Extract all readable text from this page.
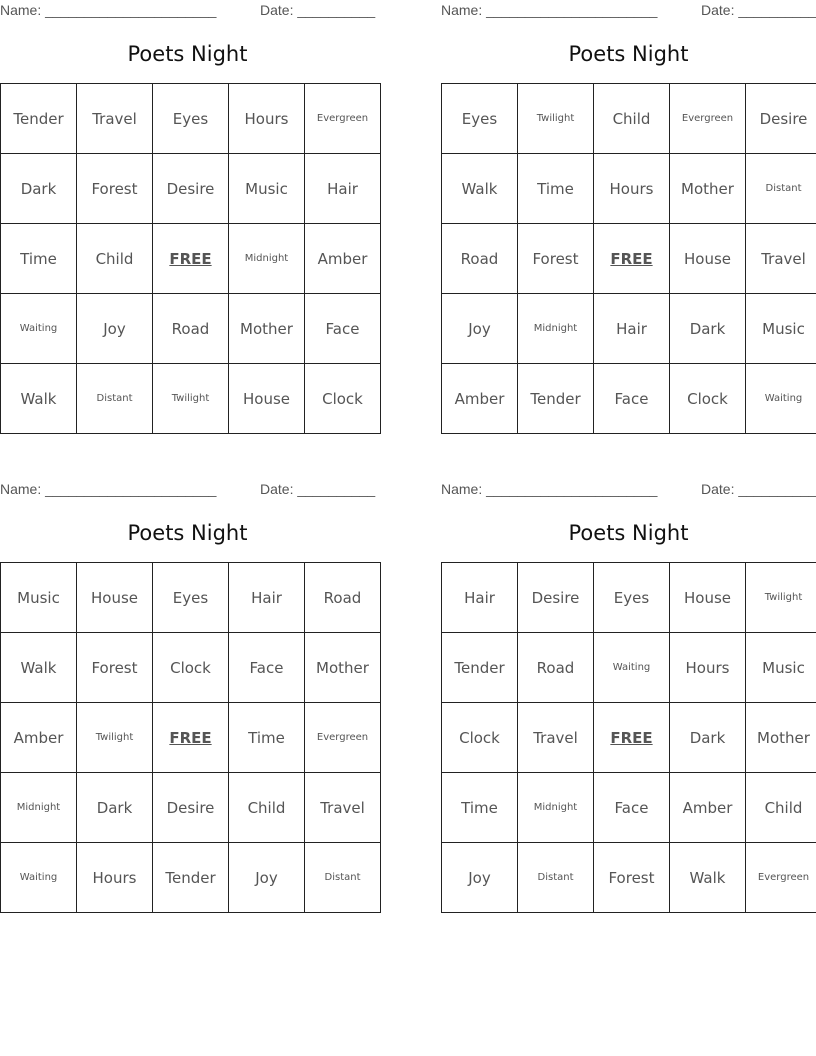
Name: ______________________	Date: __________
Poets Night
Tender	Travel	Eyes	Hours	Evergreen
Dark	Forest	Desire	Music	Hair
Time	Child	FREE	Midnight	Amber
Waiting	Joy	Road	Mother	Face
Walk	Distant	Twilight	House	Clock
Name: ______________________	Date: __________
Poets Night
Eyes	Twilight	Child	Evergreen	Desire
Walk	Time	Hours	Mother	Distant
Road	Forest	FREE	House	Travel
Joy	Midnight	Hair	Dark	Music
Amber	Tender	Face	Clock	Waiting
Name: ______________________	Date: __________
Poets Night
Music	House	Eyes	Hair	Road
Walk	Forest	Clock	Face	Mother
Amber	Twilight	FREE	Time	Evergreen
Midnight	Dark	Desire	Child	Travel
Waiting	Hours	Tender	Joy	Distant
Name: ______________________	Date: __________
Poets Night
Hair	Desire	Eyes	House	Twilight
Tender	Road	Waiting	Hours	Music
Clock	Travel	FREE	Dark	Mother
Time	Midnight	Face	Amber	Child
Joy	Distant	Forest	Walk	Evergreen
